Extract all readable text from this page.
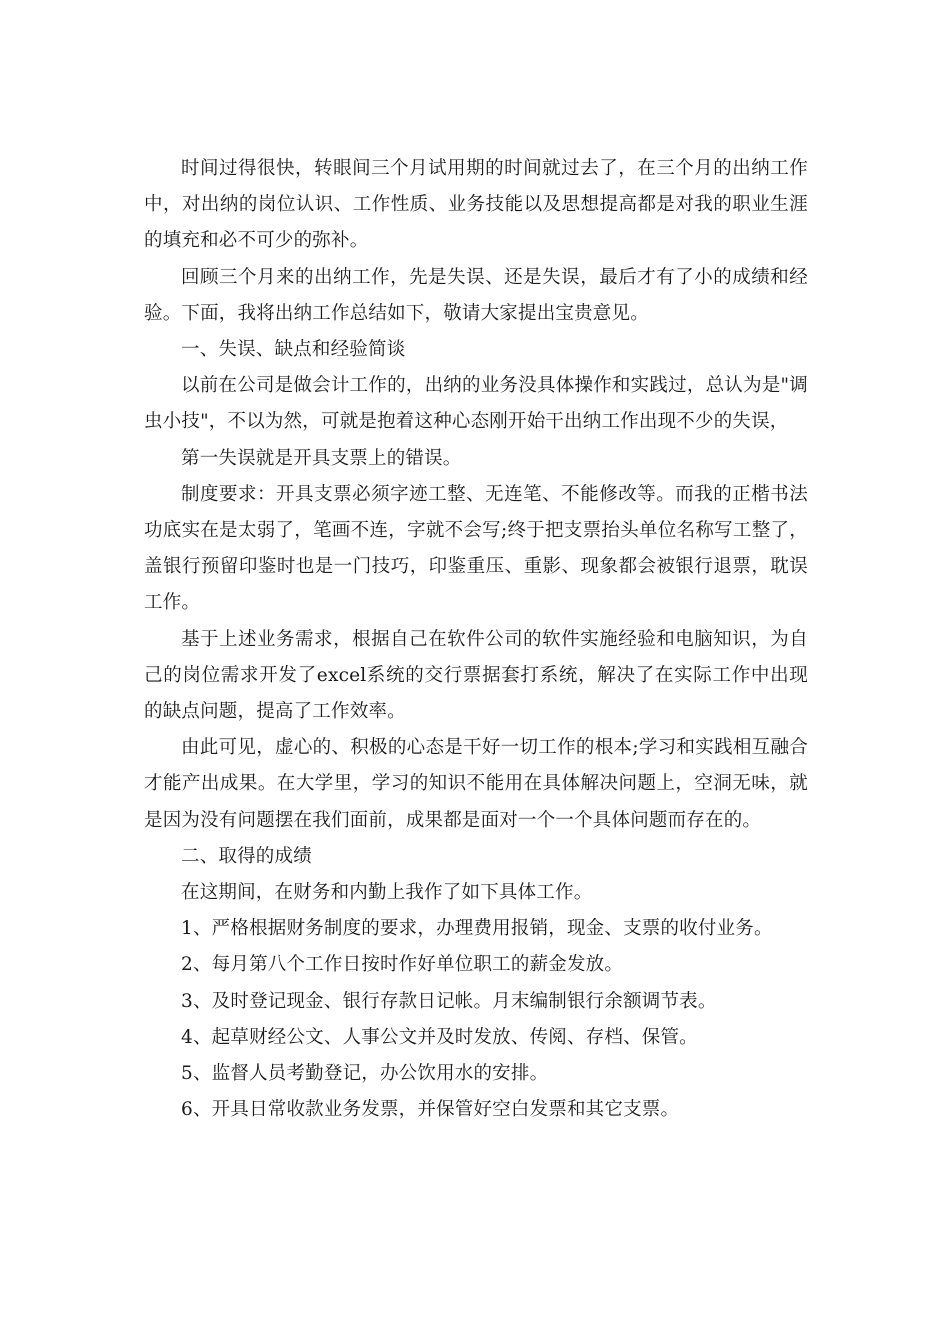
时间过得很快，转眼间三个月试用期的时间就过去了，在三个月的出纳工作中，对出纳的岗位认识、工作性质、业务技能以及思想提高都是对我的职业生涯的填充和必不可少的弥补。

回顾三个月来的出纳工作，先是失误、还是失误，最后才有了小的成绩和经验。下面，我将出纳工作总结如下，敬请大家提出宝贵意见。

一、失误、缺点和经验简谈

以前在公司是做会计工作的，出纳的业务没具体操作和实践过，总认为是"调虫小技"，不以为然，可就是抱着这种心态刚开始干出纳工作出现不少的失误，

第一失误就是开具支票上的错误。

制度要求：开具支票必须字迹工整、无连笔、不能修改等。而我的正楷书法功底实在是太弱了，笔画不连，字就不会写;终于把支票抬头单位名称写工整了，盖银行预留印鉴时也是一门技巧，印鉴重压、重影、现象都会被银行退票，耽误工作。

基于上述业务需求，根据自己在软件公司的软件实施经验和电脑知识，为自己的岗位需求开发了excel系统的交行票据套打系统，解决了在实际工作中出现的缺点问题，提高了工作效率。

由此可见，虚心的、积极的心态是干好一切工作的根本;学习和实践相互融合才能产出成果。在大学里，学习的知识不能用在具体解决问题上，空洞无味，就是因为没有问题摆在我们面前，成果都是面对一个一个具体问题而存在的。

二、取得的成绩

在这期间，在财务和内勤上我作了如下具体工作。

1、严格根据财务制度的要求，办理费用报销，现金、支票的收付业务。

2、每月第八个工作日按时作好单位职工的薪金发放。

3、及时登记现金、银行存款日记帐。月末编制银行余额调节表。

4、起草财经公文、人事公文并及时发放、传阅、存档、保管。

5、监督人员考勤登记，办公饮用水的安排。

6、开具日常收款业务发票，并保管好空白发票和其它支票。
